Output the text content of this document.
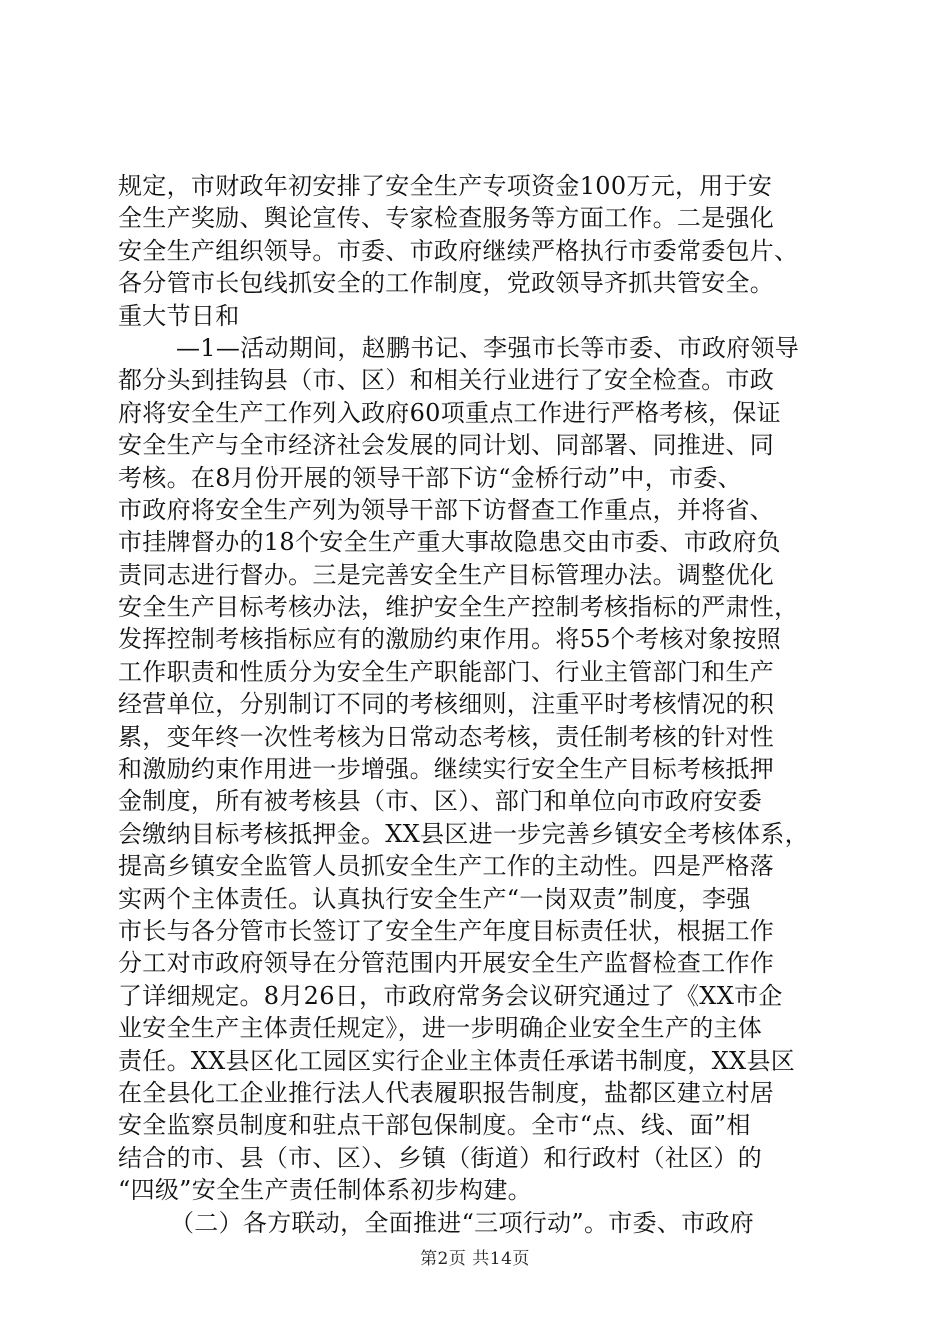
规定，市财政年初安排了安全生产专项资金100万元，用于安
全生产奖励、舆论宣传、专家检查服务等方面工作。二是强化
安全生产组织领导。市委、市政府继续严格执行市委常委包片、
各分管市长包线抓安全的工作制度，党政领导齐抓共管安全。
重大节日和
—1—活动期间，赵鹏书记、李强市长等市委、市政府领导
都分头到挂钩县（市、区）和相关行业进行了安全检查。市政
府将安全生产工作列入政府60项重点工作进行严格考核，保证
安全生产与全市经济社会发展的同计划、同部署、同推进、同
考核。在8月份开展的领导干部下访“金桥行动”中，市委、
市政府将安全生产列为领导干部下访督查工作重点，并将省、
市挂牌督办的18个安全生产重大事故隐患交由市委、市政府负
责同志进行督办。三是完善安全生产目标管理办法。调整优化
安全生产目标考核办法，维护安全生产控制考核指标的严肃性，
发挥控制考核指标应有的激励约束作用。将55个考核对象按照
工作职责和性质分为安全生产职能部门、行业主管部门和生产
经营单位，分别制订不同的考核细则，注重平时考核情况的积
累，变年终一次性考核为日常动态考核，责任制考核的针对性
和激励约束作用进一步增强。继续实行安全生产目标考核抵押
金制度，所有被考核县（市、区）、部门和单位向市政府安委
会缴纳目标考核抵押金。XX县区进一步完善乡镇安全考核体系，
提高乡镇安全监管人员抓安全生产工作的主动性。四是严格落
实两个主体责任。认真执行安全生产“一岗双责”制度，李强
市长与各分管市长签订了安全生产年度目标责任状，根据工作
分工对市政府领导在分管范围内开展安全生产监督检查工作作
了详细规定。8月26日，市政府常务会议研究通过了《XX市企
业安全生产主体责任规定》，进一步明确企业安全生产的主体
责任。XX县区化工园区实行企业主体责任承诺书制度，XX县区
在全县化工企业推行法人代表履职报告制度，盐都区建立村居
安全监察员制度和驻点干部包保制度。全市“点、线、面”相
结合的市、县（市、区）、乡镇（街道）和行政村（社区）的
“四级”安全生产责任制体系初步构建。
（二）各方联动，全面推进“三项行动”。市委、市政府
第2页 共14页
